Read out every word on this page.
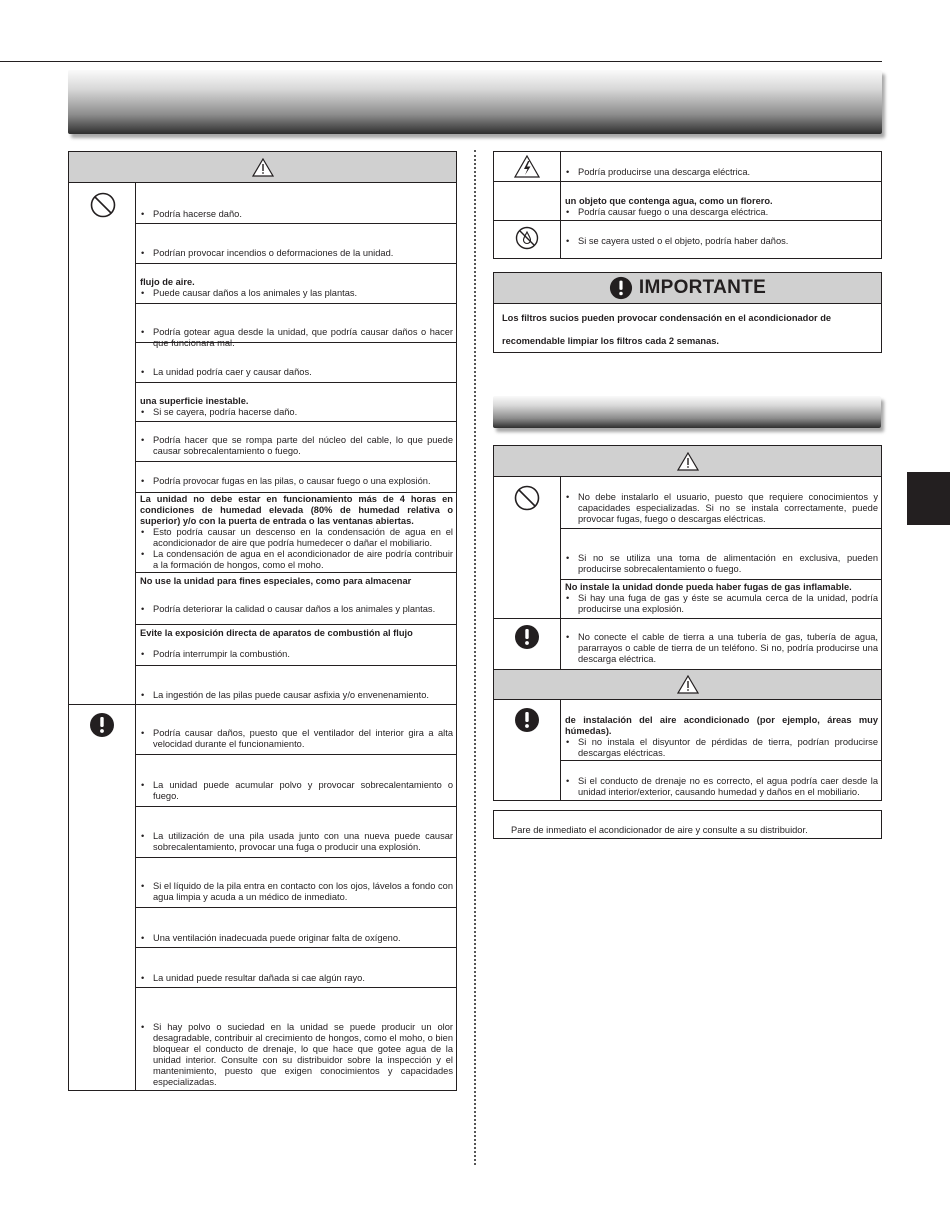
• Podría hacerse daño.
• Podrían provocar incendios o deformaciones de la unidad.
flujo de aire.
• Puede causar daños a los animales y las plantas.
• Podría gotear agua desde la unidad, que podría causar daños o hacer que funcionara mal.
• La unidad podría caer y causar daños.
una superficie inestable.
• Si se cayera, podría hacerse daño.
• Podría hacer que se rompa parte del núcleo del cable, lo que puede causar sobrecalentamiento o fuego.
• Podría provocar fugas en las pilas, o causar fuego o una explosión.
La unidad no debe estar en funcionamiento más de 4 horas en condiciones de humedad elevada (80% de humedad relativa o superior) y/o con la puerta de entrada o las ventanas abiertas.
• Esto podría causar un descenso en la condensación de agua en el acondicionador de aire que podría humedecer o dañar el mobiliario.
• La condensación de agua en el acondicionador de aire podría contribuir a la formación de hongos, como el moho.
No use la unidad para fines especiales, como para almacenar
• Podría deteriorar la calidad o causar daños a los animales y plantas.
Evite la exposición directa de aparatos de combustión al flujo
• Podría interrumpir la combustión.
• La ingestión de las pilas puede causar asfixia y/o envenenamiento.
• Podría causar daños, puesto que el ventilador del interior gira a alta velocidad durante el funcionamiento.
• La unidad puede acumular polvo y provocar sobrecalentamiento o fuego.
• La utilización de una pila usada junto con una nueva puede causar sobrecalentamiento, provocar una fuga o producir una explosión.
• Si el líquido de la pila entra en contacto con los ojos, lávelos a fondo con agua limpia y acuda a un médico de inmediato.
• Una ventilación inadecuada puede originar falta de oxígeno.
• La unidad puede resultar dañada si cae algún rayo.
• Si hay polvo o suciedad en la unidad se puede producir un olor desagradable, contribuir al crecimiento de hongos, como el moho, o bien bloquear el conducto de drenaje, lo que hace que gotee agua de la unidad interior. Consulte con su distribuidor sobre la inspección y el mantenimiento, puesto que exigen conocimientos y capacidades especializadas.
• Podría producirse una descarga eléctrica.
un objeto que contenga agua, como un florero.
• Podría causar fuego o una descarga eléctrica.
• Si se cayera usted o el objeto, podría haber daños.
IMPORTANTE
Los filtros sucios pueden provocar condensación en el acondicionador de
recomendable limpiar los filtros cada 2 semanas.
• No debe instalarlo el usuario, puesto que requiere conocimientos y capacidades especializadas. Si no se instala correctamente, puede provocar fugas, fuego o descargas eléctricas.
• Si no se utiliza una toma de alimentación en exclusiva, pueden producirse sobrecalentamiento o fuego.
No instale la unidad donde pueda haber fugas de gas inflamable.
• Si hay una fuga de gas y éste se acumula cerca de la unidad, podría producirse una explosión.
• No conecte el cable de tierra a una tubería de gas, tubería de agua, pararrayos o cable de tierra de un teléfono. Si no, podría producirse una descarga eléctrica.
de instalación del aire acondicionado (por ejemplo, áreas muy húmedas).
• Si no instala el disyuntor de pérdidas de tierra, podrían producirse descargas eléctricas.
• Si el conducto de drenaje no es correcto, el agua podría caer desde la unidad interior/exterior, causando humedad y daños en el mobiliario.
Pare de inmediato el acondicionador de aire y consulte a su distribuidor.
